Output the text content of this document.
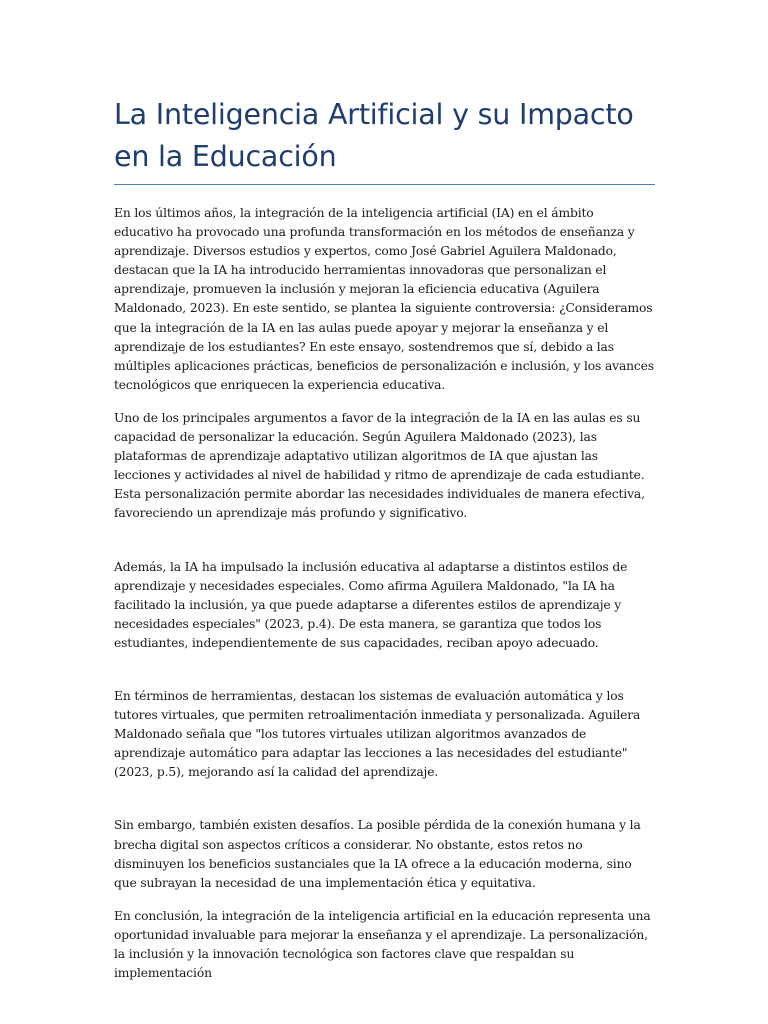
La Inteligencia Artificial y su Impacto en la Educación

En los últimos años, la integración de la inteligencia artificial (IA) en el ámbito educativo ha provocado una profunda transformación en los métodos de enseñanza y aprendizaje. Diversos estudios y expertos, como José Gabriel Aguilera Maldonado, destacan que la IA ha introducido herramientas innovadoras que personalizan el aprendizaje, promueven la inclusión y mejoran la eficiencia educativa (Aguilera Maldonado, 2023). En este sentido, se plantea la siguiente controversia: ¿Consideramos que la integración de la IA en las aulas puede apoyar y mejorar la enseñanza y el aprendizaje de los estudiantes? En este ensayo, sostendremos que sí, debido a las múltiples aplicaciones prácticas, beneficios de personalización e inclusión, y los avances tecnológicos que enriquecen la experiencia educativa.

Uno de los principales argumentos a favor de la integración de la IA en las aulas es su capacidad de personalizar la educación. Según Aguilera Maldonado (2023), las plataformas de aprendizaje adaptativo utilizan algoritmos de IA que ajustan las lecciones y actividades al nivel de habilidad y ritmo de aprendizaje de cada estudiante. Esta personalización permite abordar las necesidades individuales de manera efectiva, favoreciendo un aprendizaje más profundo y significativo.

Además, la IA ha impulsado la inclusión educativa al adaptarse a distintos estilos de aprendizaje y necesidades especiales. Como afirma Aguilera Maldonado, "la IA ha facilitado la inclusión, ya que puede adaptarse a diferentes estilos de aprendizaje y necesidades especiales" (2023, p.4). De esta manera, se garantiza que todos los estudiantes, independientemente de sus capacidades, reciban apoyo adecuado.

En términos de herramientas, destacan los sistemas de evaluación automática y los tutores virtuales, que permiten retroalimentación inmediata y personalizada. Aguilera Maldonado señala que "los tutores virtuales utilizan algoritmos avanzados de aprendizaje automático para adaptar las lecciones a las necesidades del estudiante" (2023, p.5), mejorando así la calidad del aprendizaje.

Sin embargo, también existen desafíos. La posible pérdida de la conexión humana y la brecha digital son aspectos críticos a considerar. No obstante, estos retos no disminuyen los beneficios sustanciales que la IA ofrece a la educación moderna, sino que subrayan la necesidad de una implementación ética y equitativa.

En conclusión, la integración de la inteligencia artificial en la educación representa una oportunidad invaluable para mejorar la enseñanza y el aprendizaje. La personalización, la inclusión y la innovación tecnológica son factores clave que respaldan su implementación
